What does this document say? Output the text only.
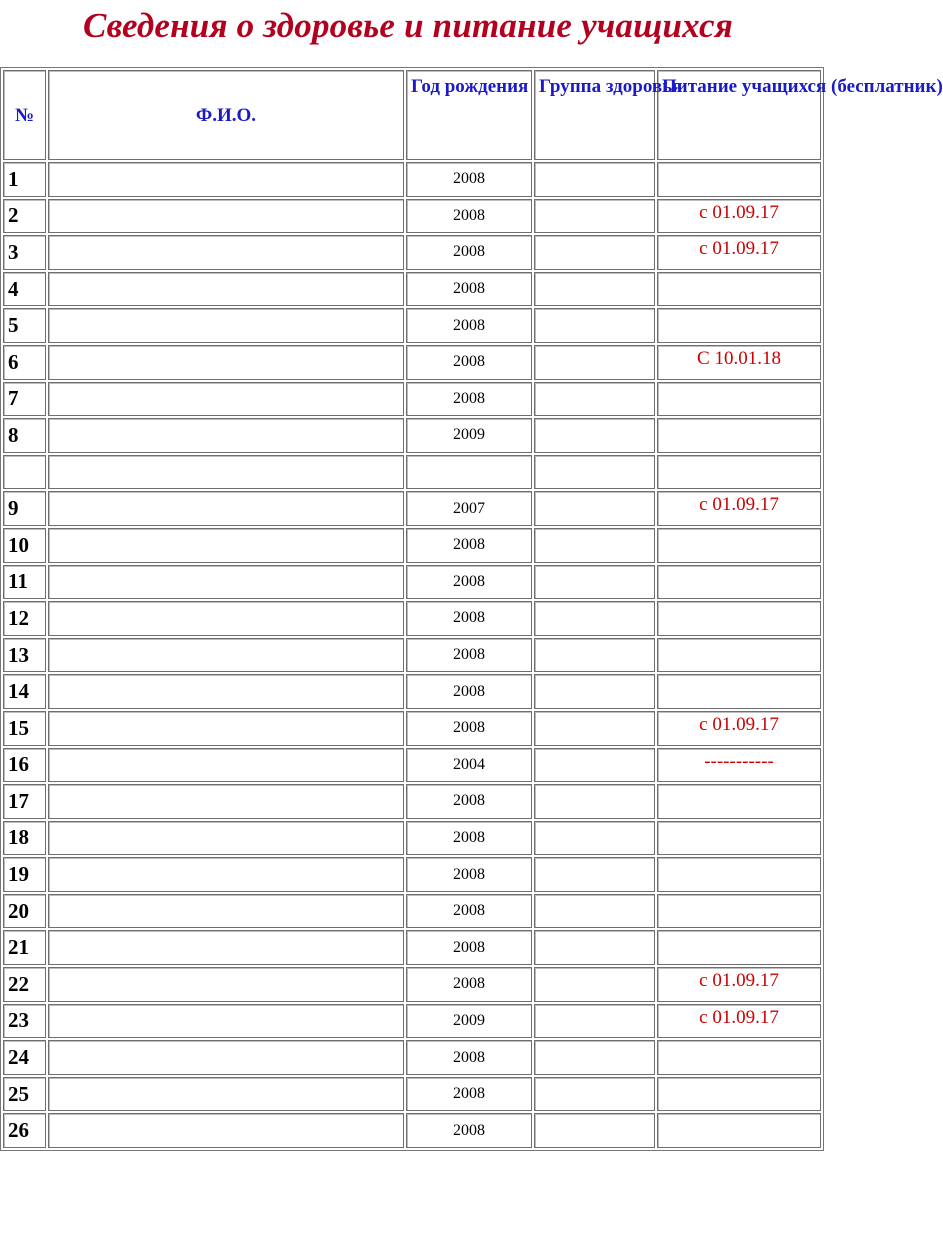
Сведения о здоровье и питание учащихся
№	Ф.И.О.	Год рождения	Группа здоровья	Питание учащихся (бесплатник)
1		2008		
2		2008		с 01.09.17
3		2008		с 01.09.17
4		2008		
5		2008		
6		2008		С 10.01.18
7		2008		
8		2009		

9		2007		с 01.09.17
10		2008		
11		2008		
12		2008		
13		2008		
14		2008		
15		2008		с 01.09.17
16		2004		-----------
17		2008		
18		2008		
19		2008		
20		2008		
21		2008		
22		2008		с 01.09.17
23		2009		с 01.09.17
24		2008		
25		2008		
26		2008		
